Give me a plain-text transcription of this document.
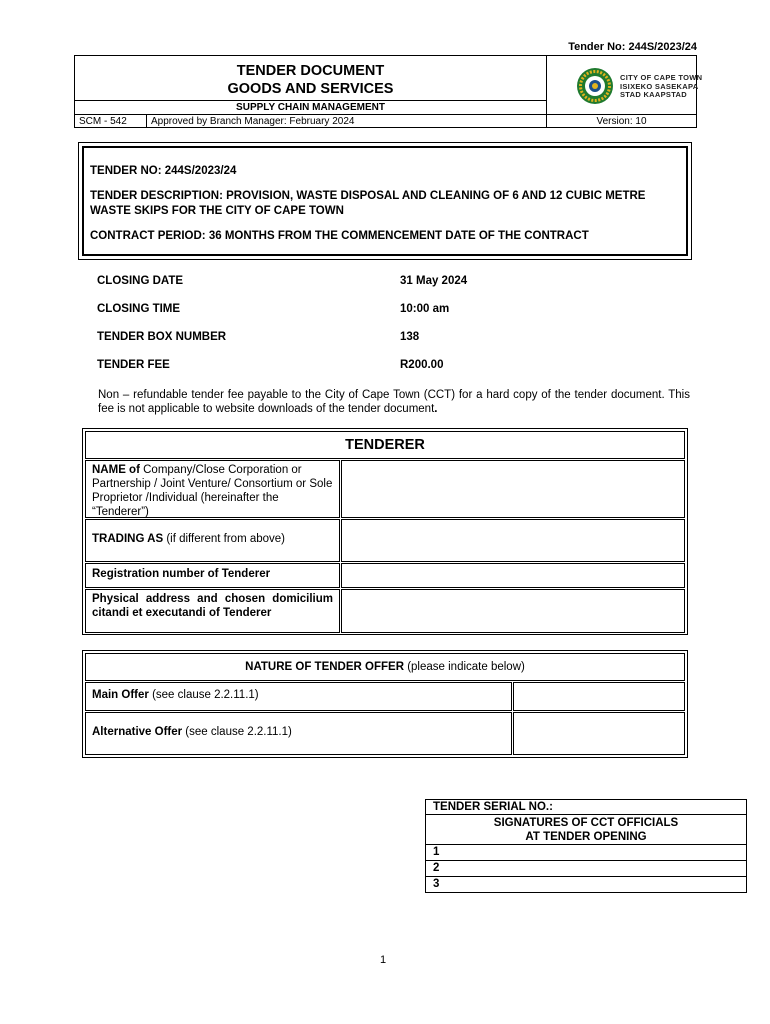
Tender No: 244S/2023/24
TENDER DOCUMENT
GOODS AND SERVICES
SUPPLY CHAIN MANAGEMENT
CITY OF CAPE TOWN
ISIXEKO SASEKAPA
STAD KAAPSTAD
SCM - 542	Approved by Branch Manager: February 2024	Version: 10

TENDER NO: 244S/2023/24

TENDER DESCRIPTION: PROVISION, WASTE DISPOSAL AND CLEANING OF 6 AND 12 CUBIC METRE WASTE SKIPS FOR THE CITY OF CAPE TOWN

CONTRACT PERIOD: 36 MONTHS FROM THE COMMENCEMENT DATE OF THE CONTRACT

CLOSING DATE	31 May 2024
CLOSING TIME	10:00 am
TENDER BOX NUMBER	138
TENDER FEE	R200.00
Non – refundable tender fee payable to the City of Cape Town (CCT) for a hard copy of the tender document. This fee is not applicable to website downloads of the tender document.
TENDERER
NAME of Company/Close Corporation or Partnership / Joint Venture/ Consortium or Sole Proprietor /Individual (hereinafter the “Tenderer”)
TRADING AS (if different from above)
Registration number of Tenderer
Physical address and chosen domicilium citandi et executandi of Tenderer
NATURE OF TENDER OFFER (please indicate below)
Main Offer (see clause 2.2.11.1)
Alternative Offer (see clause 2.2.11.1)
TENDER SERIAL NO.:
SIGNATURES OF CCT OFFICIALS
AT TENDER OPENING
1
2
3
1
